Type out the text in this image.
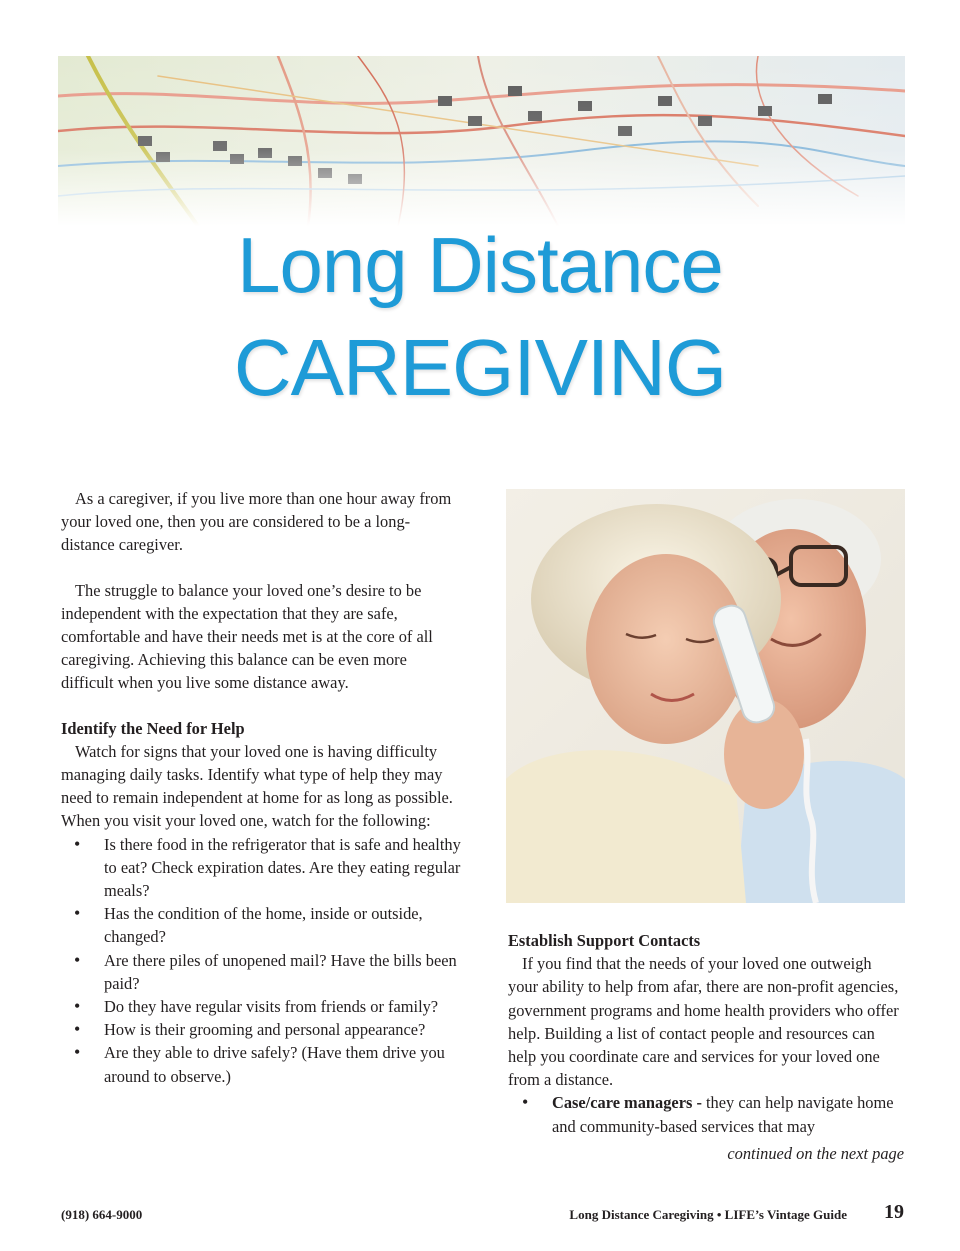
Long Distance
CAREGIVING

As a caregiver, if you live more than one hour away from your loved one, then you are considered to be a long-distance caregiver.

The struggle to balance your loved one’s desire to be independent with the expectation that they are safe, comfortable and have their needs met is at the core of all caregiving. Achieving this balance can be even more difficult when you live some distance away.

Identify the Need for Help

Watch for signs that your loved one is having difficulty managing daily tasks. Identify what type of help they may need to remain independent at home for as long as possible. When you visit your loved one, watch for the following:

• Is there food in the refrigerator that is safe and healthy to eat? Check expiration dates. Are they eating regular meals?
• Has the condition of the home, inside or outside, changed?
• Are there piles of unopened mail? Have the bills been paid?
• Do they have regular visits from friends or family?
• How is their grooming and personal appearance?
• Are they able to drive safely? (Have them drive you around to observe.)
Establish Support Contacts

If you find that the needs of your loved one outweigh your ability to help from afar, there are non-profit agencies, government programs and home health providers who offer help. Building a list of contact people and resources can help you coordinate care and services for your loved one from a distance.

• Case/care managers - they can help navigate home and community-based services that may
continued on the next page
(918) 664-9000	Long Distance Caregiving • LIFE’s Vintage Guide 19
